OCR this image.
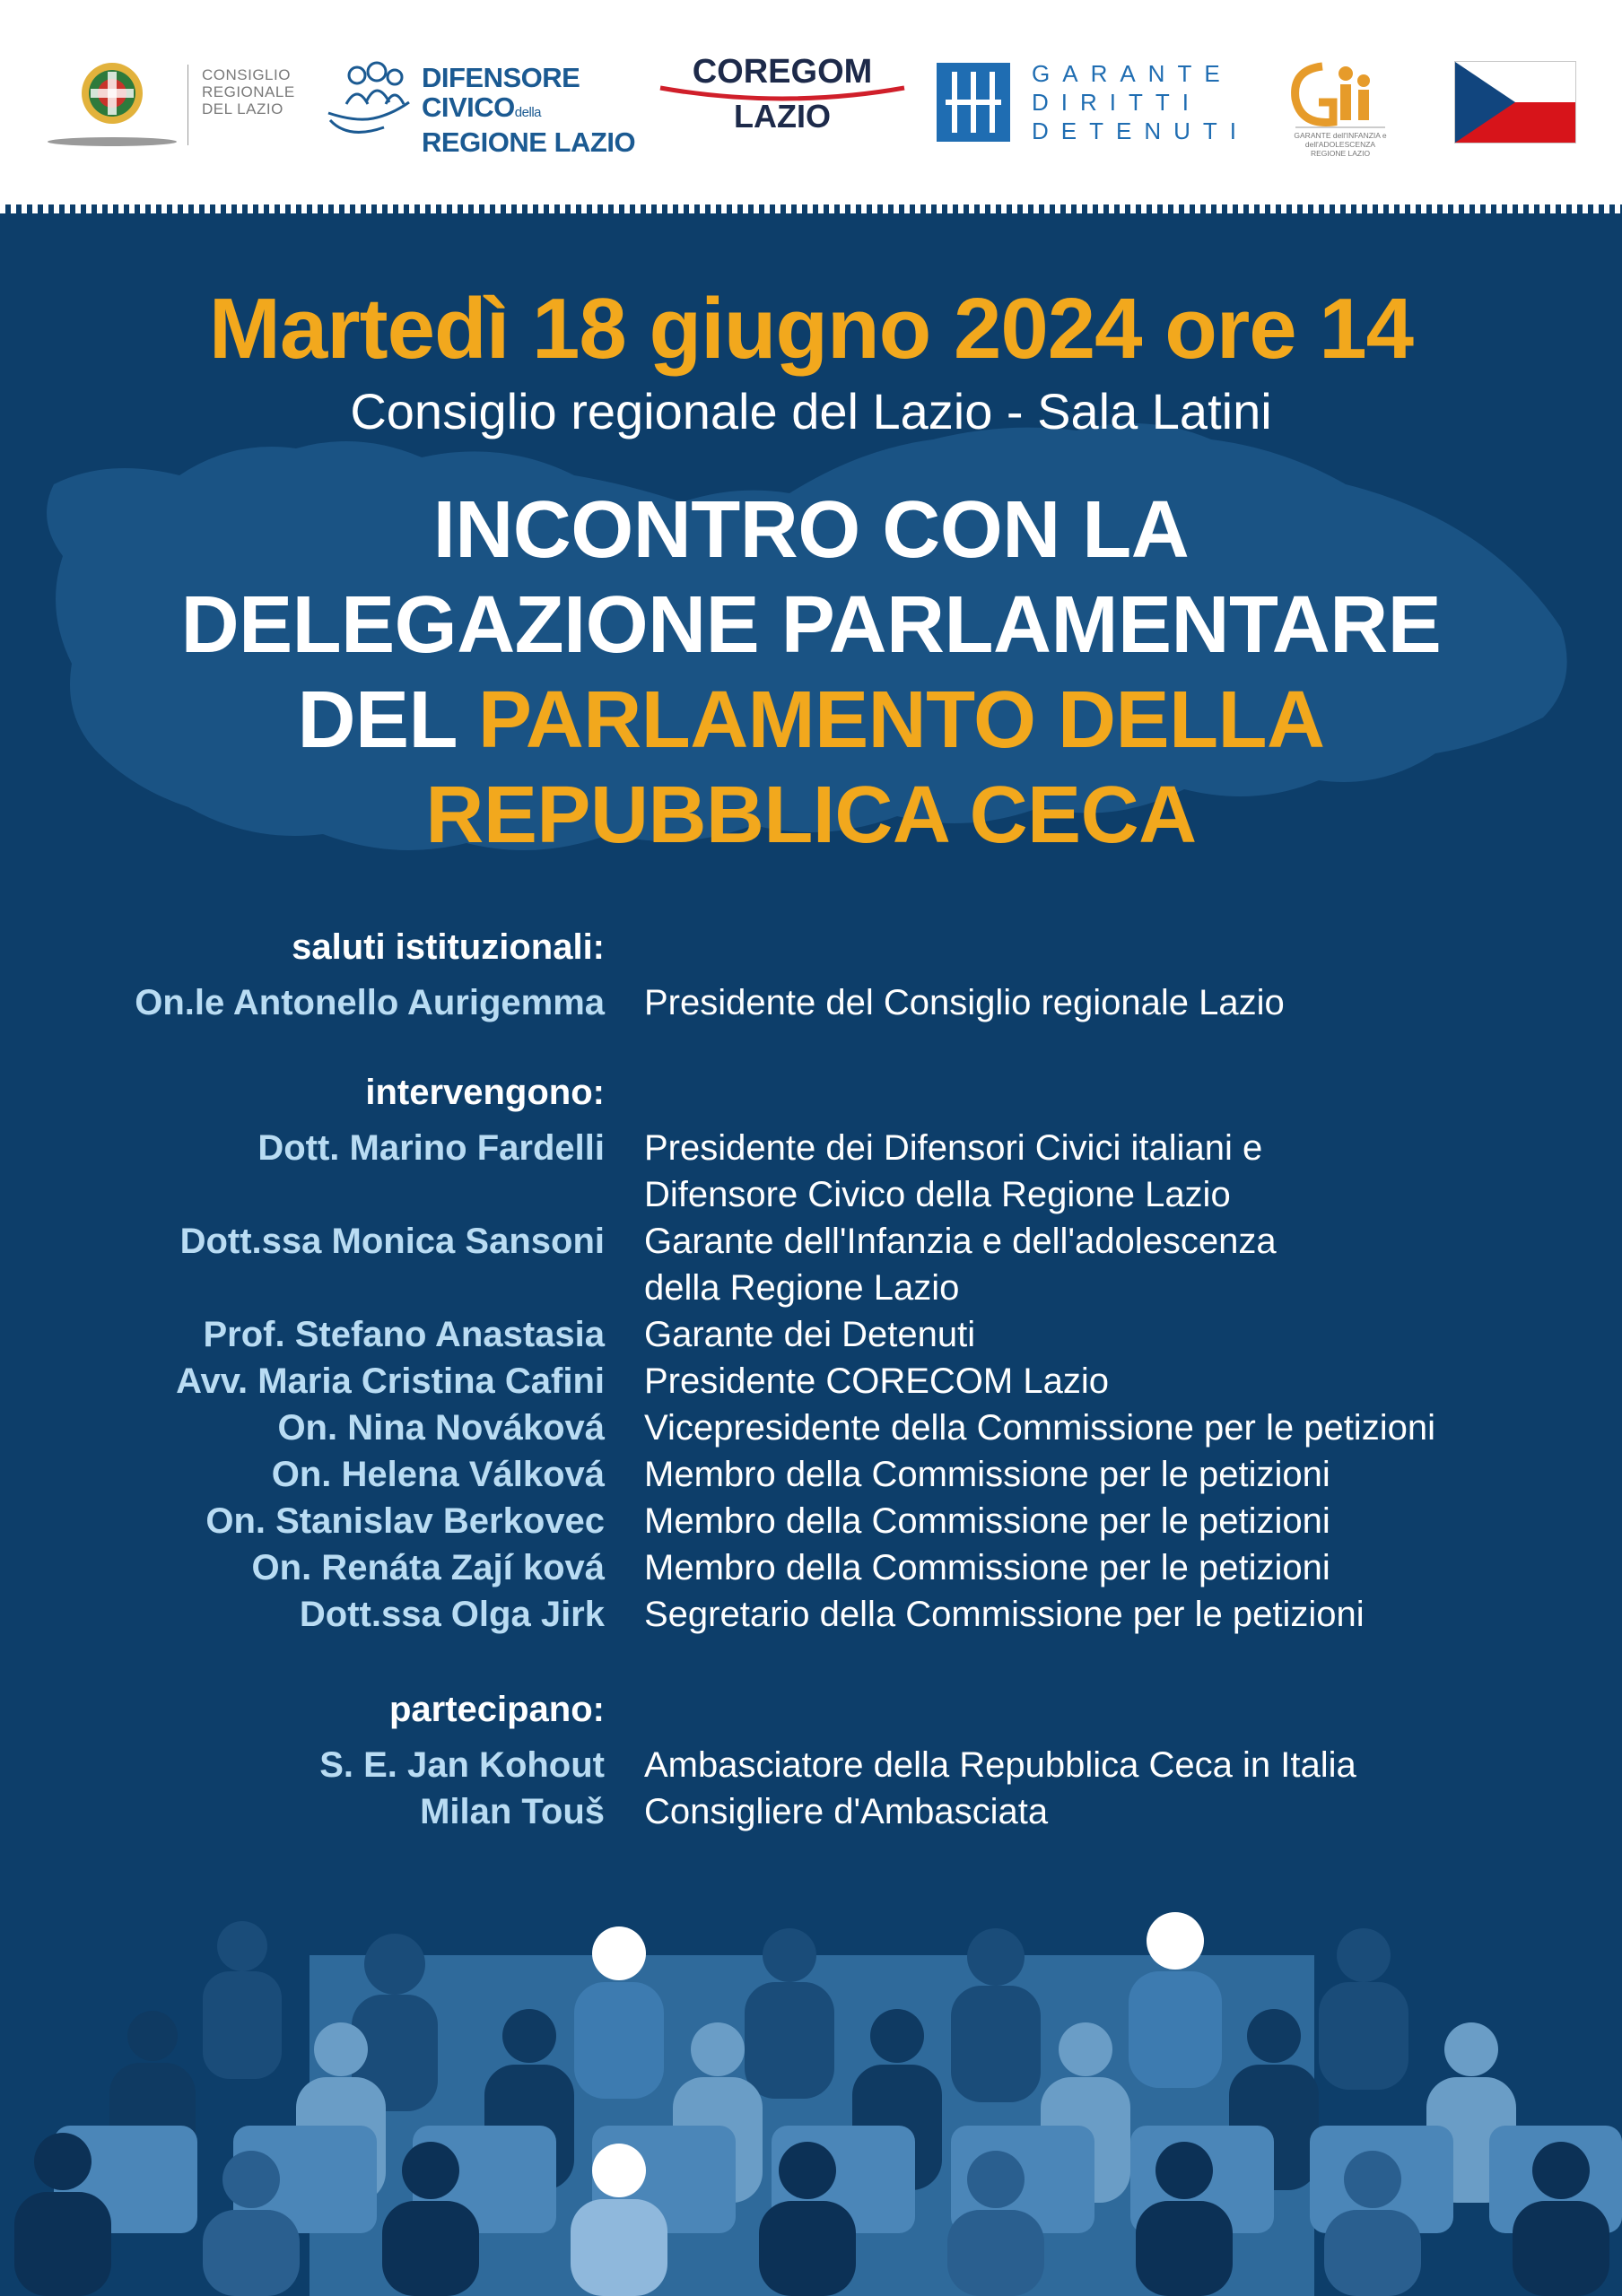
CONSIGLIO
REGIONALE
DEL LAZIO
DIFENSORE
CIVICOdella
REGIONE LAZIO
COREGOM
LAZIO
GARANTE
DIRITTI
DETENUTI	GARANTE dell'INFANZIA e dell'ADOLESCENZA
REGIONE LAZIO
Martedì 18 giugno 2024 ore 14
Consiglio regionale del Lazio - Sala Latini
INCONTRO CON LA
DELEGAZIONE PARLAMENTARE
DEL PARLAMENTO DELLA
REPUBBLICA CECA
saluti istituzionali:
On.le Antonello Aurigemma Presidente del Consiglio regionale Lazio
intervengono:
Dott. Marino Fardelli Presidente dei Difensori Civici italiani e
Difensore Civico della Regione Lazio
Dott.ssa Monica Sansoni Garante dell'Infanzia e dell'adolescenza
della Regione Lazio
Prof. Stefano Anastasia Garante dei Detenuti
Avv. Maria Cristina Cafini Presidente CORECOM Lazio
On. Nina Nováková Vicepresidente della Commissione per le petizioni
On. Helena Válková Membro della Commissione per le petizioni
On. Stanislav Berkovec Membro della Commissione per le petizioni
On. Renáta Zají ková Membro della Commissione per le petizioni
Dott.ssa Olga Jirk Segretario della Commissione per le petizioni
partecipano:
S. E. Jan Kohout Ambasciatore della Repubblica Ceca in Italia
Milan Touš Consigliere d'Ambasciata
